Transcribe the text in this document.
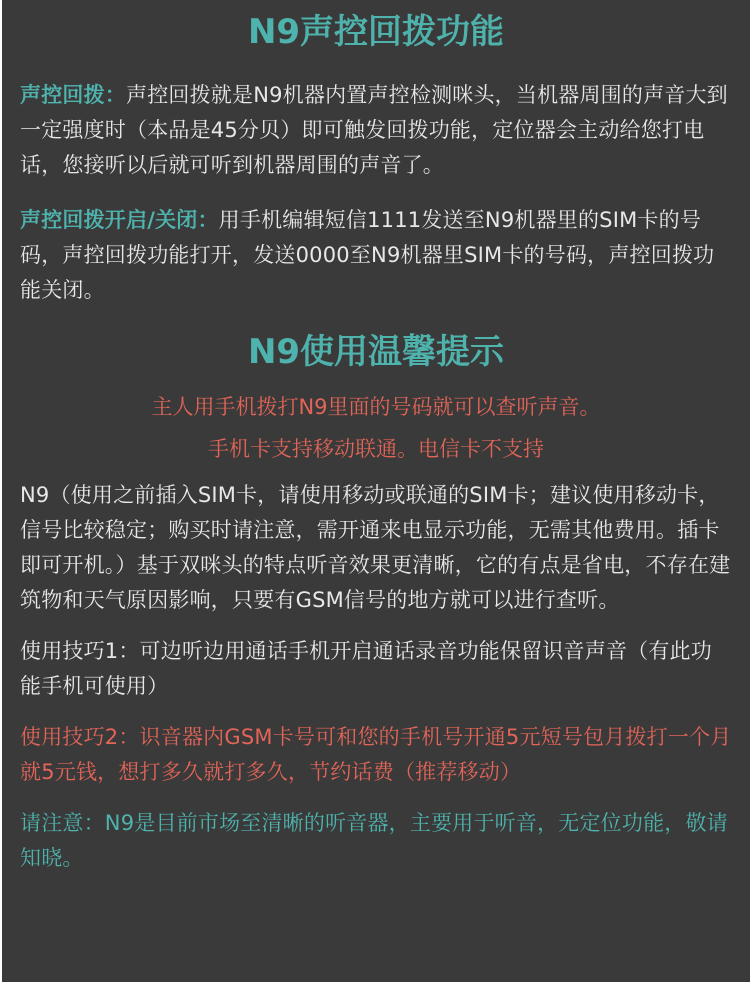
N9声控回拨功能

声控回拨：声控回拨就是N9机器内置声控检测咪头，当机器周围的声音大到一定强度时（本品是45分贝）即可触发回拨功能，定位器会主动给您打电话，您接听以后就可听到机器周围的声音了。

声控回拨开启/关闭：用手机编辑短信1111发送至N9机器里的SIM卡的号码，声控回拨功能打开，发送0000至N9机器里SIM卡的号码，声控回拨功能关闭。

N9使用温馨提示

主人用手机拨打N9里面的号码就可以查听声音。

手机卡支持移动联通。电信卡不支持

N9（使用之前插入SIM卡，请使用移动或联通的SIM卡；建议使用移动卡，信号比较稳定；购买时请注意，需开通来电显示功能，无需其他费用。插卡即可开机。）基于双咪头的特点听音效果更清晰，它的有点是省电，不存在建筑物和天气原因影响，只要有GSM信号的地方就可以进行查听。

使用技巧1：可边听边用通话手机开启通话录音功能保留识音声音（有此功能手机可使用）

使用技巧2：识音器内GSM卡号可和您的手机号开通5元短号包月拨打一个月就5元钱，想打多久就打多久，节约话费（推荐移动）

请注意：N9是目前市场至清晰的听音器，主要用于听音，无定位功能，敬请知晓。
